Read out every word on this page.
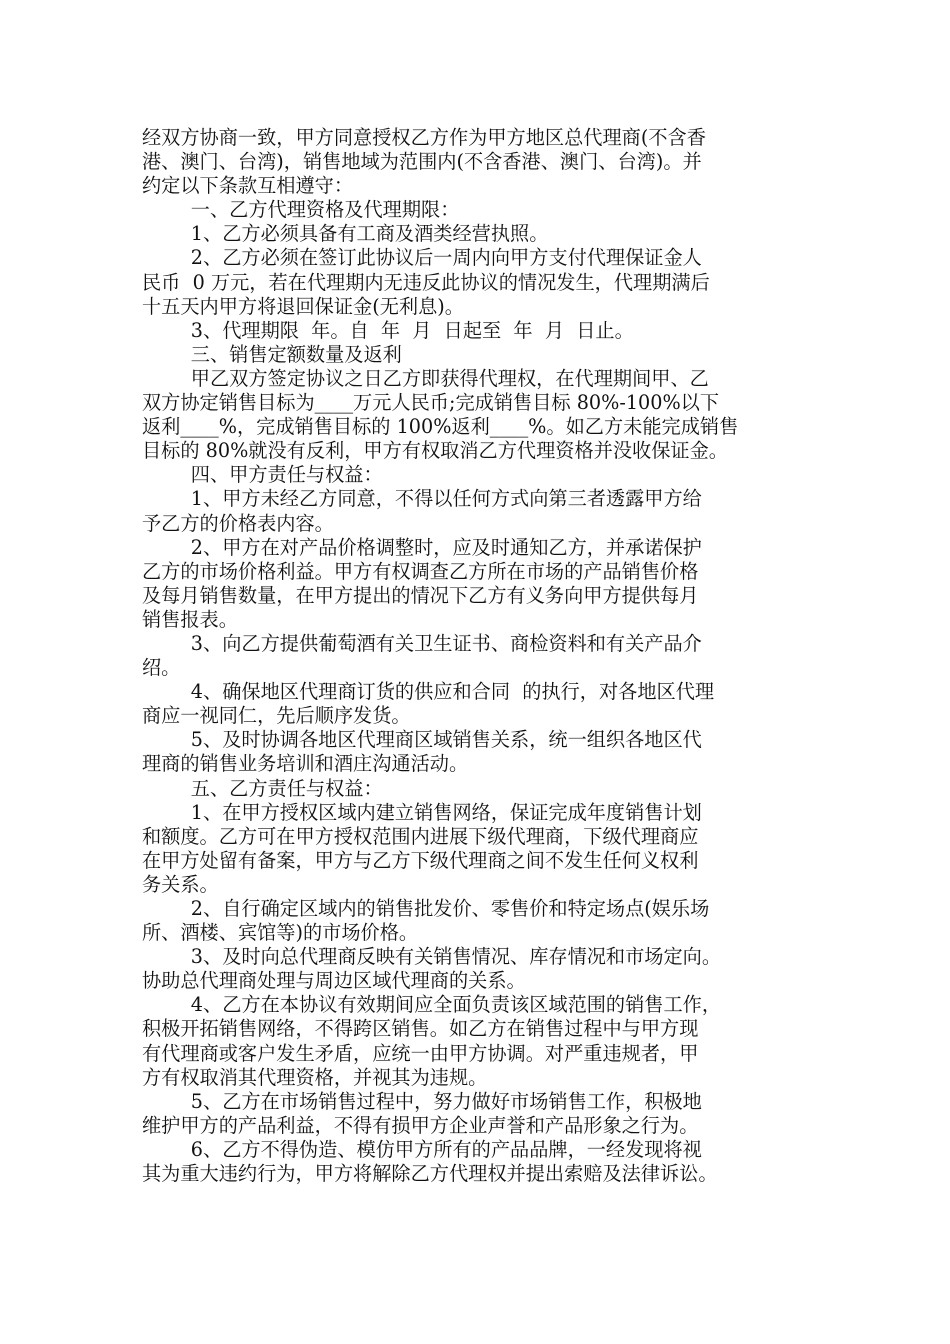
经双方协商一致，甲方同意授权乙方作为甲方地区总代理商(不含香
港、澳门、台湾)，销售地域为范围内(不含香港、澳门、台湾)。并
约定以下条款互相遵守：
一、乙方代理资格及代理期限：
1、乙方必须具备有工商及酒类经营执照。
2、乙方必须在签订此协议后一周内向甲方支付代理保证金人
民币  0 万元，若在代理期内无违反此协议的情况发生，代理期满后
十五天内甲方将退回保证金(无利息)。
3、代理期限  年。自  年  月  日起至  年  月  日止。
三、销售定额数量及返利
甲乙双方签定协议之日乙方即获得代理权，在代理期间甲、乙
双方协定销售目标为____万元人民币;完成销售目标 80%-100%以下
返利____%，完成销售目标的 100%返利____%。如乙方未能完成销售
目标的 80%就没有反利，甲方有权取消乙方代理资格并没收保证金。
四、甲方责任与权益：
1、甲方未经乙方同意，不得以任何方式向第三者透露甲方给
予乙方的价格表内容。
2、甲方在对产品价格调整时，应及时通知乙方，并承诺保护
乙方的市场价格利益。甲方有权调查乙方所在市场的产品销售价格
及每月销售数量，在甲方提出的情况下乙方有义务向甲方提供每月
销售报表。
3、向乙方提供葡萄酒有关卫生证书、商检资料和有关产品介
绍。
4、确保地区代理商订货的供应和合同  的执行，对各地区代理
商应一视同仁，先后顺序发货。
5、及时协调各地区代理商区域销售关系，统一组织各地区代
理商的销售业务培训和酒庄沟通活动。
五、乙方责任与权益：
1、在甲方授权区域内建立销售网络，保证完成年度销售计划
和额度。乙方可在甲方授权范围内进展下级代理商，下级代理商应
在甲方处留有备案，甲方与乙方下级代理商之间不发生任何义权利
务关系。
2、自行确定区域内的销售批发价、零售价和特定场点(娱乐场
所、酒楼、宾馆等)的市场价格。
3、及时向总代理商反映有关销售情况、库存情况和市场定向。
协助总代理商处理与周边区域代理商的关系。
4、乙方在本协议有效期间应全面负责该区域范围的销售工作，
积极开拓销售网络，不得跨区销售。如乙方在销售过程中与甲方现
有代理商或客户发生矛盾，应统一由甲方协调。对严重违规者，甲
方有权取消其代理资格，并视其为违规。
5、乙方在市场销售过程中，努力做好市场销售工作，积极地
维护甲方的产品利益，不得有损甲方企业声誉和产品形象之行为。
6、乙方不得伪造、模仿甲方所有的产品品牌，一经发现将视
其为重大违约行为，甲方将解除乙方代理权并提出索赔及法律诉讼。
